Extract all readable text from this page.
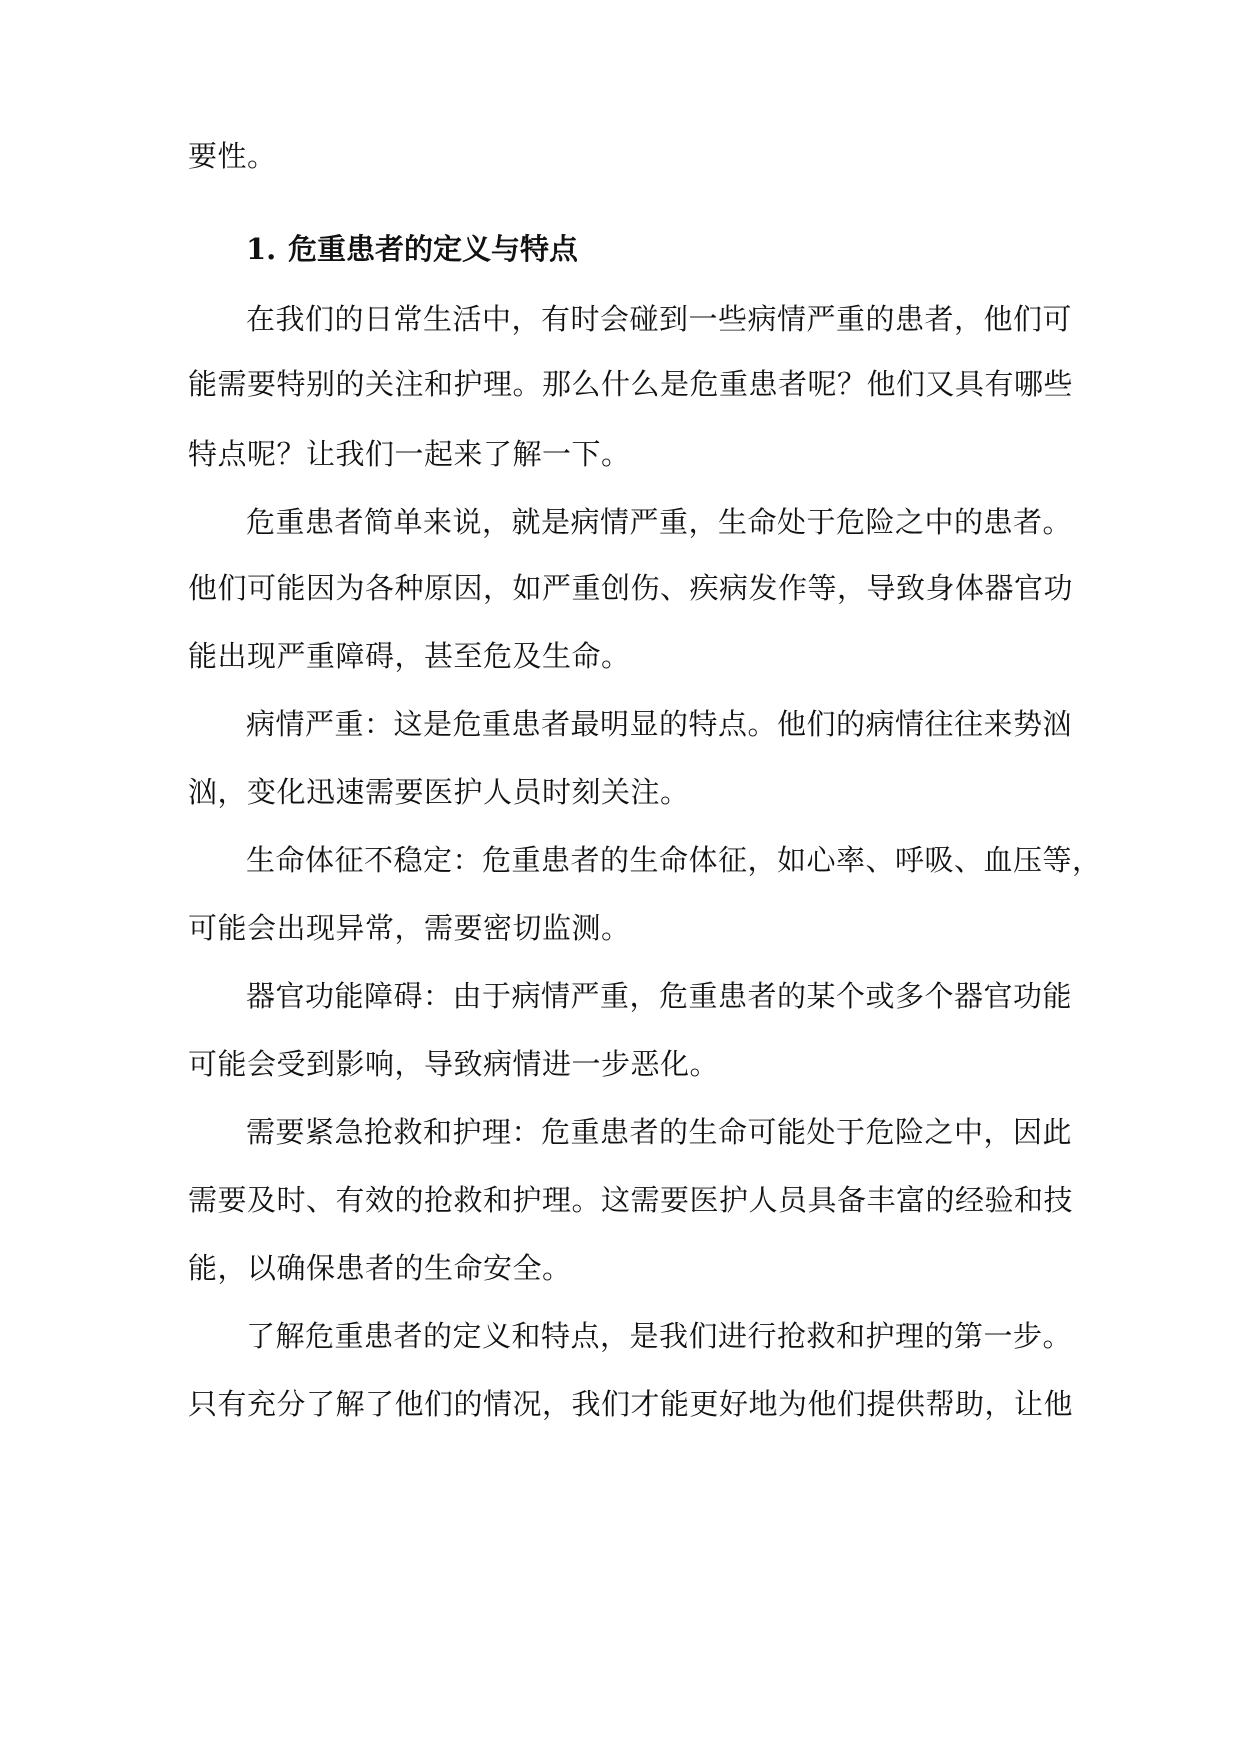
要性。
1. 危重患者的定义与特点
在我们的日常生活中，有时会碰到一些病情严重的患者，他们可
能需要特别的关注和护理。那么什么是危重患者呢？他们又具有哪些
特点呢？让我们一起来了解一下。
危重患者简单来说，就是病情严重，生命处于危险之中的患者。
他们可能因为各种原因，如严重创伤、疾病发作等，导致身体器官功
能出现严重障碍，甚至危及生命。
病情严重：这是危重患者最明显的特点。他们的病情往往来势汹
汹，变化迅速需要医护人员时刻关注。
生命体征不稳定：危重患者的生命体征，如心率、呼吸、血压等，
可能会出现异常，需要密切监测。
器官功能障碍：由于病情严重，危重患者的某个或多个器官功能
可能会受到影响，导致病情进一步恶化。
需要紧急抢救和护理：危重患者的生命可能处于危险之中，因此
需要及时、有效的抢救和护理。这需要医护人员具备丰富的经验和技
能，以确保患者的生命安全。
了解危重患者的定义和特点，是我们进行抢救和护理的第一步。
只有充分了解了他们的情况，我们才能更好地为他们提供帮助，让他
